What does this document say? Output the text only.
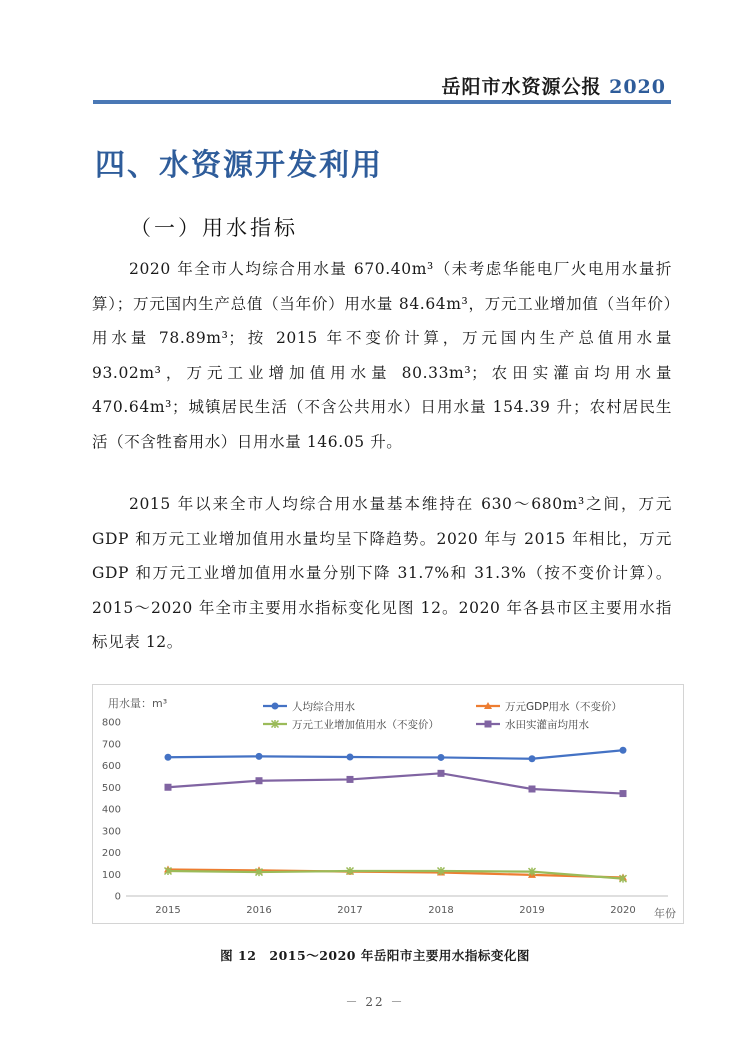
岳阳市水资源公报 2020
四、水资源开发利用
（一）用水指标

2020 年全市人均综合用水量 670.40m³（未考虑华能电厂火电用水量折算）；万元国内生产总值（当年价）用水量 84.64m³，万元工业增加值（当年价）用水量 78.89m³；按 2015 年不变价计算，万元国内生产总值用水量 93.02m³，万元工业增加值用水量 80.33m³；农田实灌亩均用水量 470.64m³；城镇居民生活（不含公共用水）日用水量 154.39 升；农村居民生活（不含牲畜用水）日用水量 146.05 升。

2015 年以来全市人均综合用水量基本维持在 630～680m³之间，万元 GDP 和万元工业增加值用水量均呈下降趋势。2020 年与 2015 年相比，万元 GDP 和万元工业增加值用水量分别下降 31.7%和 31.3%（按不变价计算）。2015～2020 年全市主要用水指标变化见图 12。2020 年各县市区主要用水指标见表 12。

用水量：m³
0
100
200
300
400
500
600
700
800
2015	2016	2017	2018	2019	2020 年份
人均综合用水	万元GDP用水（不变价）
万元工业增加值用水（不变价）	水田实灌亩均用水
图 12　2015～2020 年岳阳市主要用水指标变化图
－ 22 －
